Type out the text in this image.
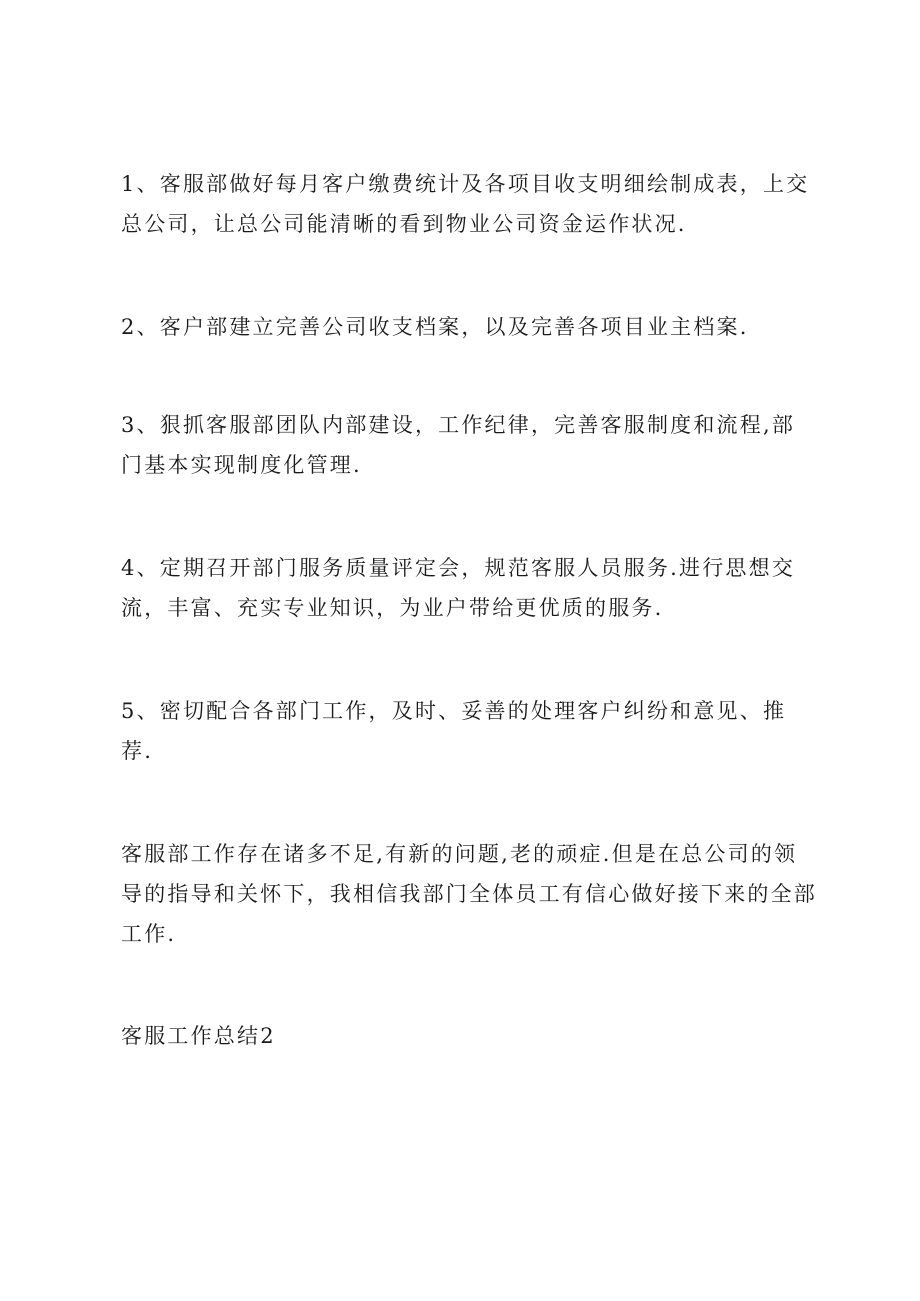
1、客服部做好每月客户缴费统计及各项目收支明细绘制成表，上交
总公司，让总公司能清晰的看到物业公司资金运作状况.
2、客户部建立完善公司收支档案，以及完善各项目业主档案.
3、狠抓客服部团队内部建设，工作纪律，完善客服制度和流程,部
门基本实现制度化管理.
4、定期召开部门服务质量评定会，规范客服人员服务.进行思想交
流，丰富、充实专业知识，为业户带给更优质的服务.
5、密切配合各部门工作，及时、妥善的处理客户纠纷和意见、推
荐.
客服部工作存在诸多不足,有新的问题,老的顽症.但是在总公司的领
导的指导和关怀下，我相信我部门全体员工有信心做好接下来的全部
工作.
客服工作总结2
